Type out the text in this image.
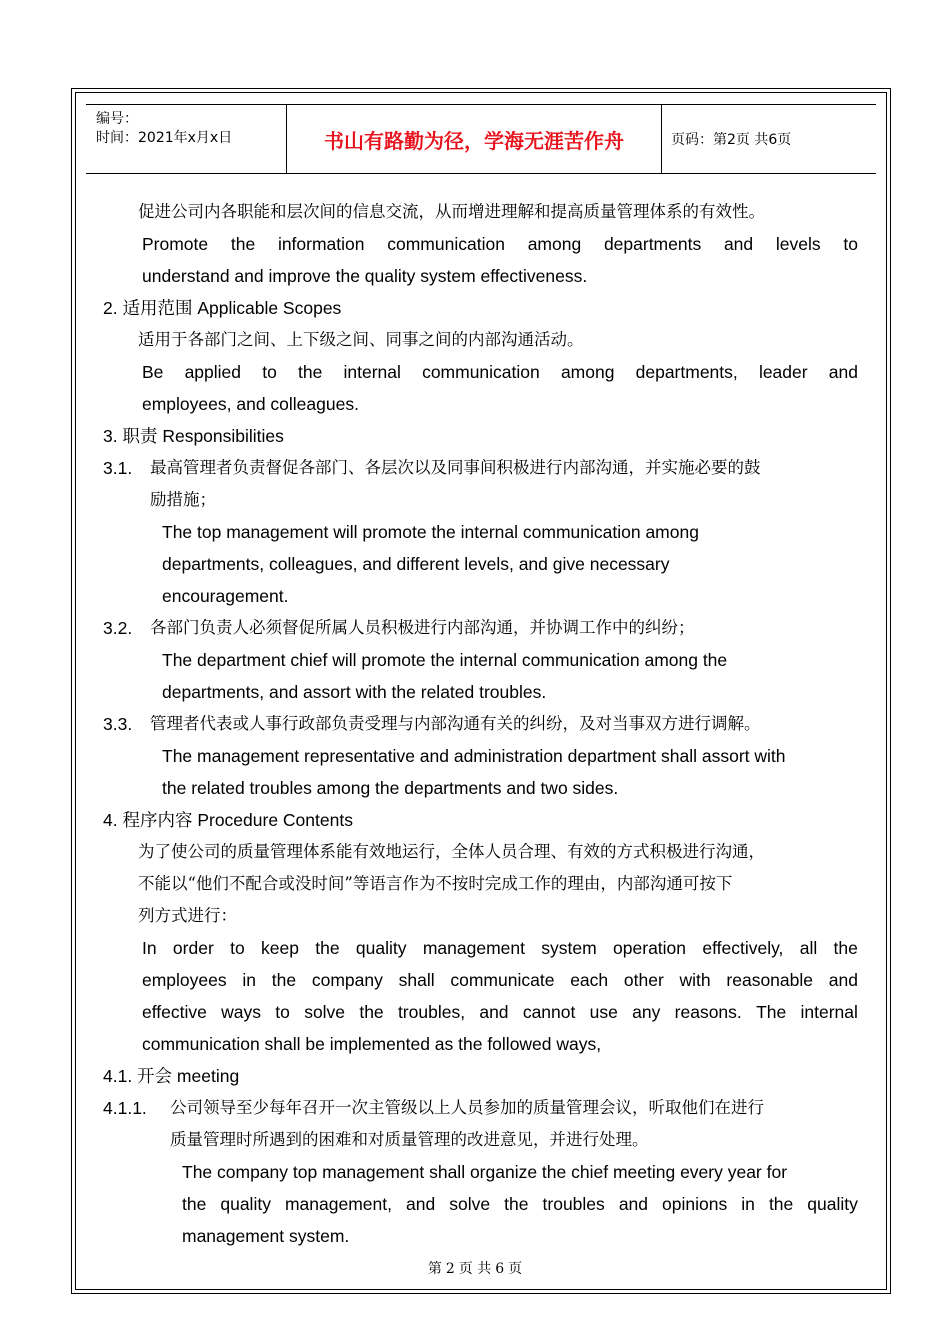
编号：
时间：2021年x月x日	书山有路勤为径，学海无涯苦作舟	页码：第2页 共6页
促进公司内各职能和层次间的信息交流，从而增进理解和提高质量管理体系的有效性。
Promote the information communication among departments and levels to
understand and improve the quality system effectiveness.
2. 适用范围 Applicable Scopes
适用于各部门之间、上下级之间、同事之间的内部沟通活动。
Be applied to the internal communication among departments, leader and
employees, and colleagues.
3. 职责 Responsibilities
3.1. 最高管理者负责督促各部门、各层次以及同事间积极进行内部沟通，并实施必要的鼓
励措施；
The top management will promote the internal communication among
departments, colleagues, and different levels, and give necessary
encouragement.
3.2. 各部门负责人必须督促所属人员积极进行内部沟通，并协调工作中的纠纷；
The department chief will promote the internal communication among the
departments, and assort with the related troubles.
3.3. 管理者代表或人事行政部负责受理与内部沟通有关的纠纷，及对当事双方进行调解。
The management representative and administration department shall assort with
the related troubles among the departments and two sides.
4. 程序内容 Procedure Contents
为了使公司的质量管理体系能有效地运行，全体人员合理、有效的方式积极进行沟通，
不能以“他们不配合或没时间”等语言作为不按时完成工作的理由，内部沟通可按下
列方式进行：
In order to keep the quality management system operation effectively, all the
employees in the company shall communicate each other with reasonable and
effective ways to solve the troubles, and cannot use any reasons. The internal
communication shall be implemented as the followed ways,
4.1. 开会 meeting
4.1.1. 公司领导至少每年召开一次主管级以上人员参加的质量管理会议，听取他们在进行
质量管理时所遇到的困难和对质量管理的改进意见，并进行处理。
The company top management shall organize the chief meeting every year for
the quality management, and solve the troubles and opinions in the quality
management system.
第 2 页 共 6 页
